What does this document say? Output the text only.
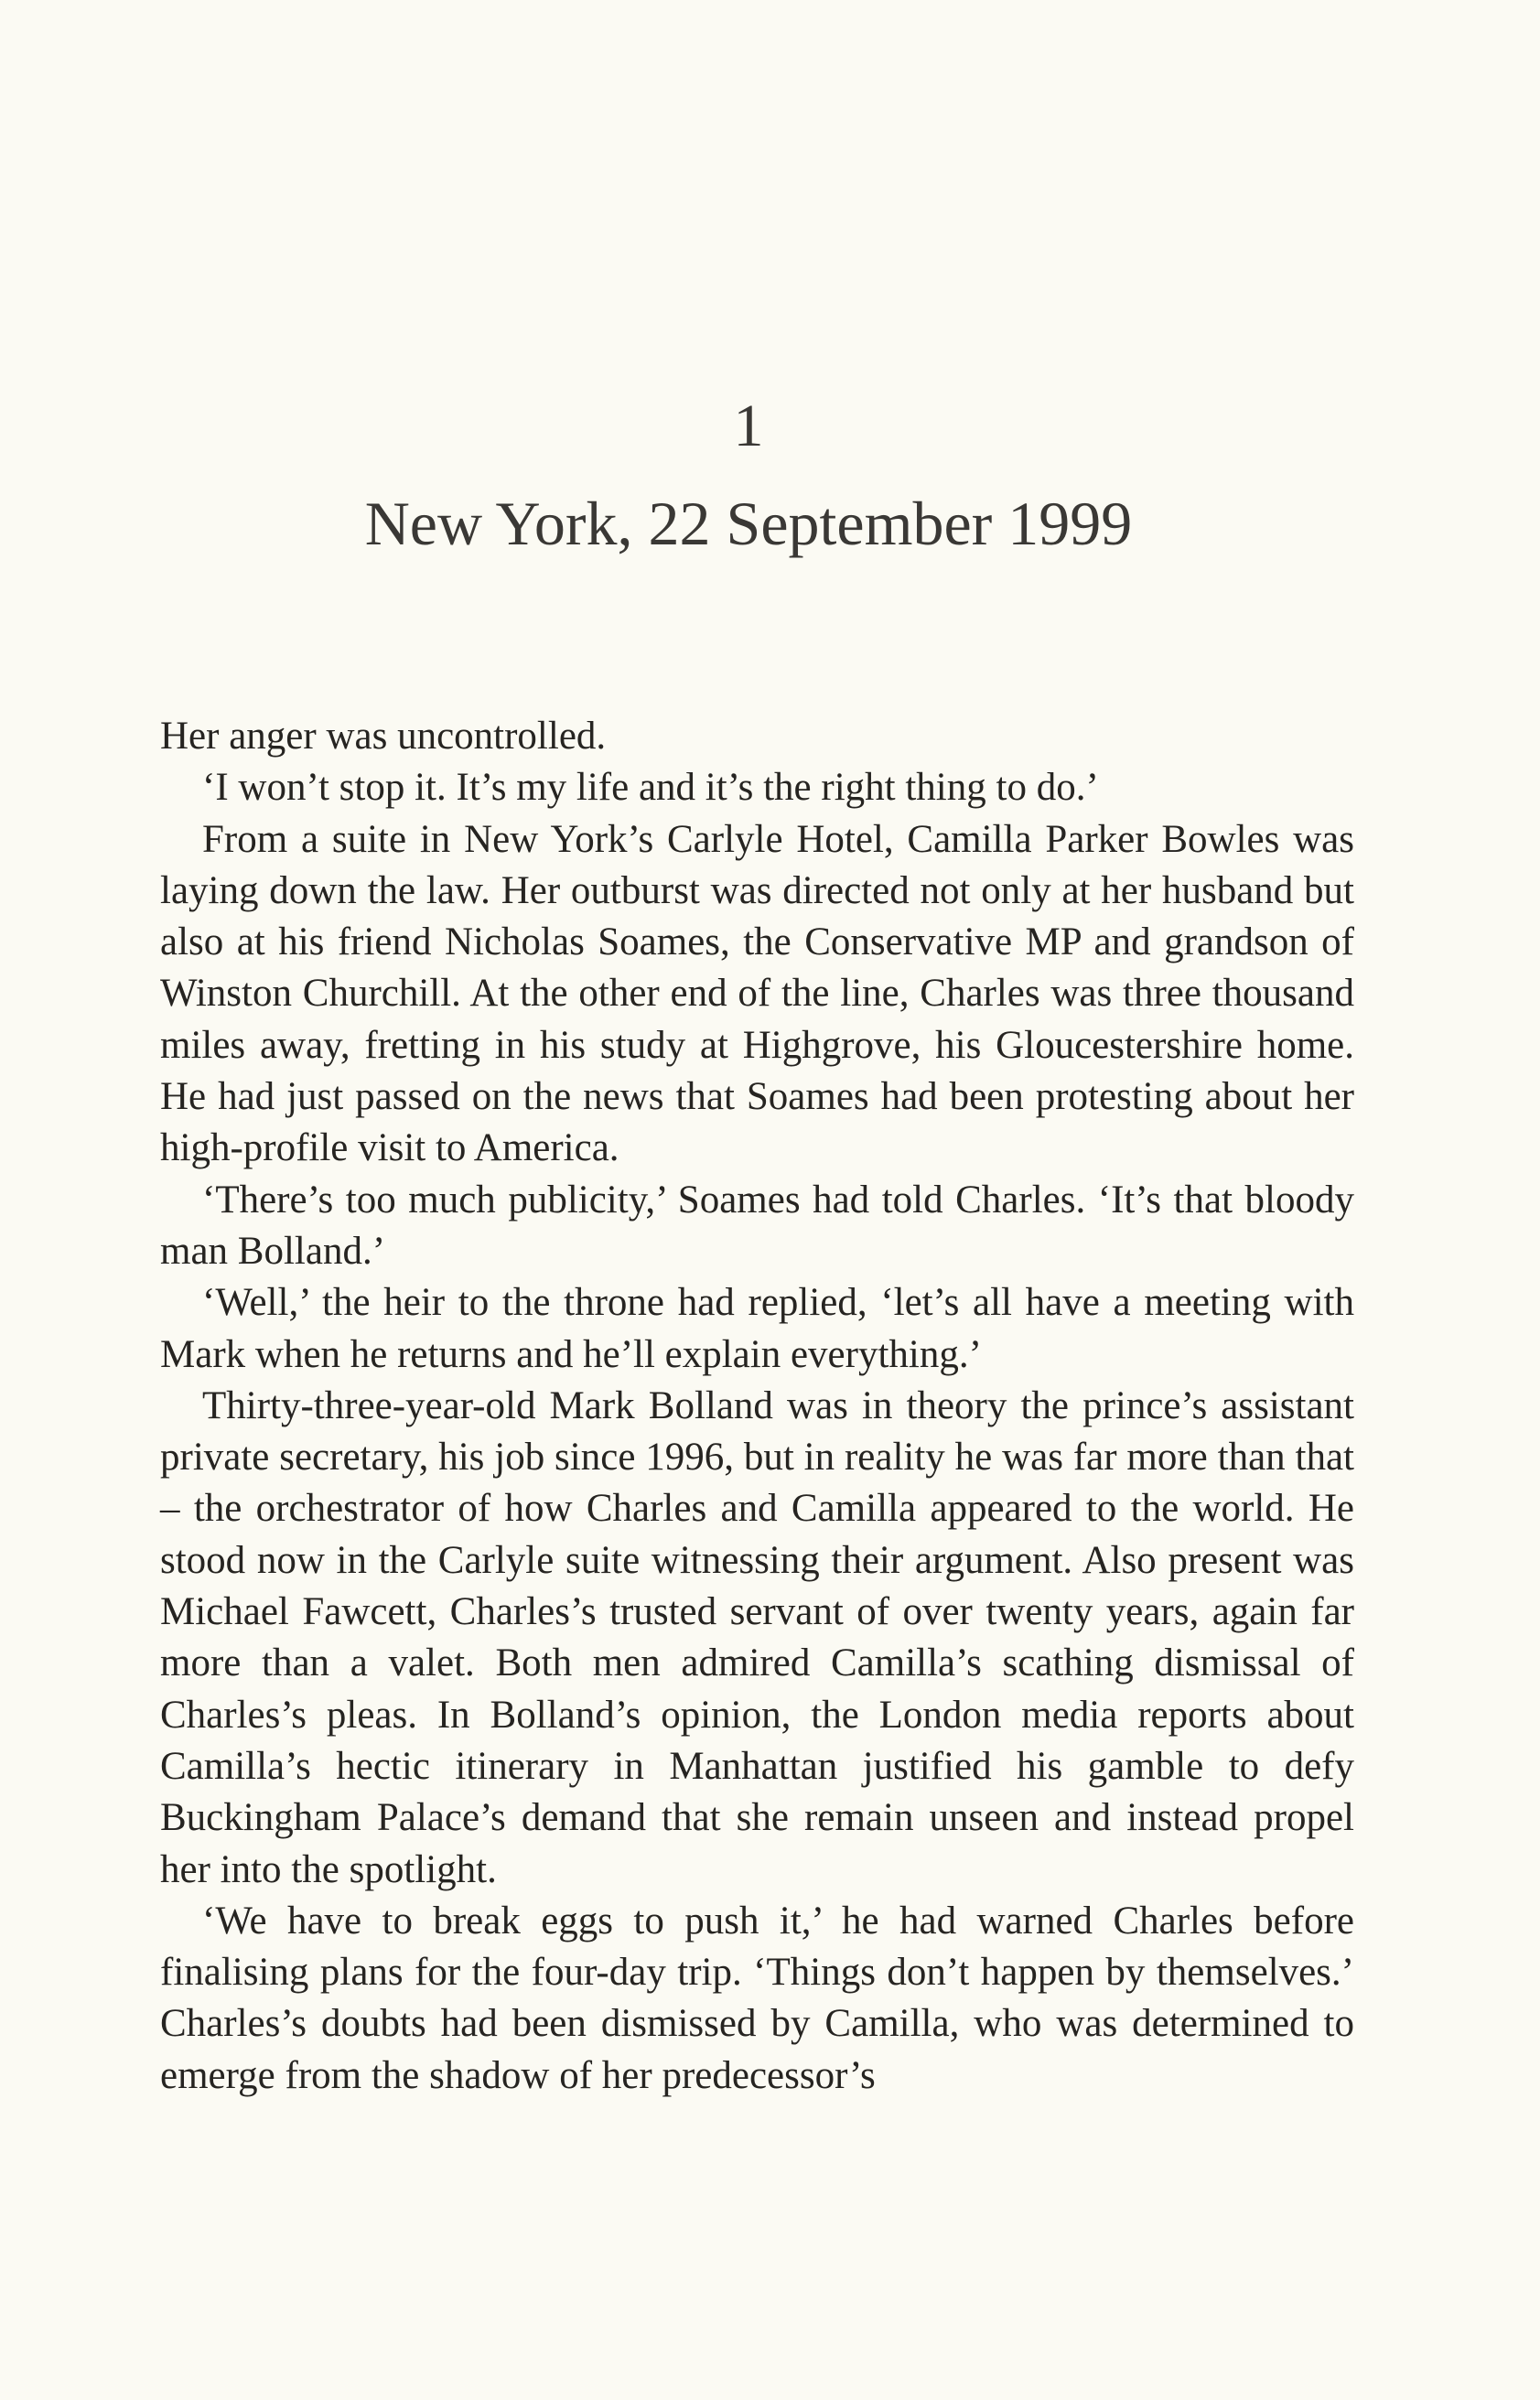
1
New York, 22 September 1999

Her anger was uncontrolled.

‘I won’t stop it. It’s my life and it’s the right thing to do.’

From a suite in New York’s Carlyle Hotel, Camilla Parker Bowles was laying down the law. Her outburst was directed not only at her husband but also at his friend Nicholas Soames, the Conservative MP and grandson of Winston Churchill. At the other end of the line, Charles was three thousand miles away, fretting in his study at Highgrove, his Gloucestershire home. He had just passed on the news that Soames had been protesting about her high-profile visit to America.

‘There’s too much publicity,’ Soames had told Charles. ‘It’s that bloody man Bolland.’

‘Well,’ the heir to the throne had replied, ‘let’s all have a meeting with Mark when he returns and he’ll explain everything.’

Thirty-three-year-old Mark Bolland was in theory the prince’s assistant private secretary, his job since 1996, but in reality he was far more than that – the orchestrator of how Charles and Camilla appeared to the world. He stood now in the Carlyle suite witnessing their argument. Also present was Michael Fawcett, Charles’s trusted servant of over twenty years, again far more than a valet. Both men admired Camilla’s scathing dismissal of Charles’s pleas. In Bolland’s opinion, the London media reports about Camilla’s hectic itinerary in Manhattan justified his gamble to defy Buckingham Palace’s demand that she remain unseen and instead propel her into the spotlight.

‘We have to break eggs to push it,’ he had warned Charles before finalising plans for the four-day trip. ‘Things don’t happen by themselves.’ Charles’s doubts had been dismissed by Camilla, who was determined to emerge from the shadow of her predecessor’s
